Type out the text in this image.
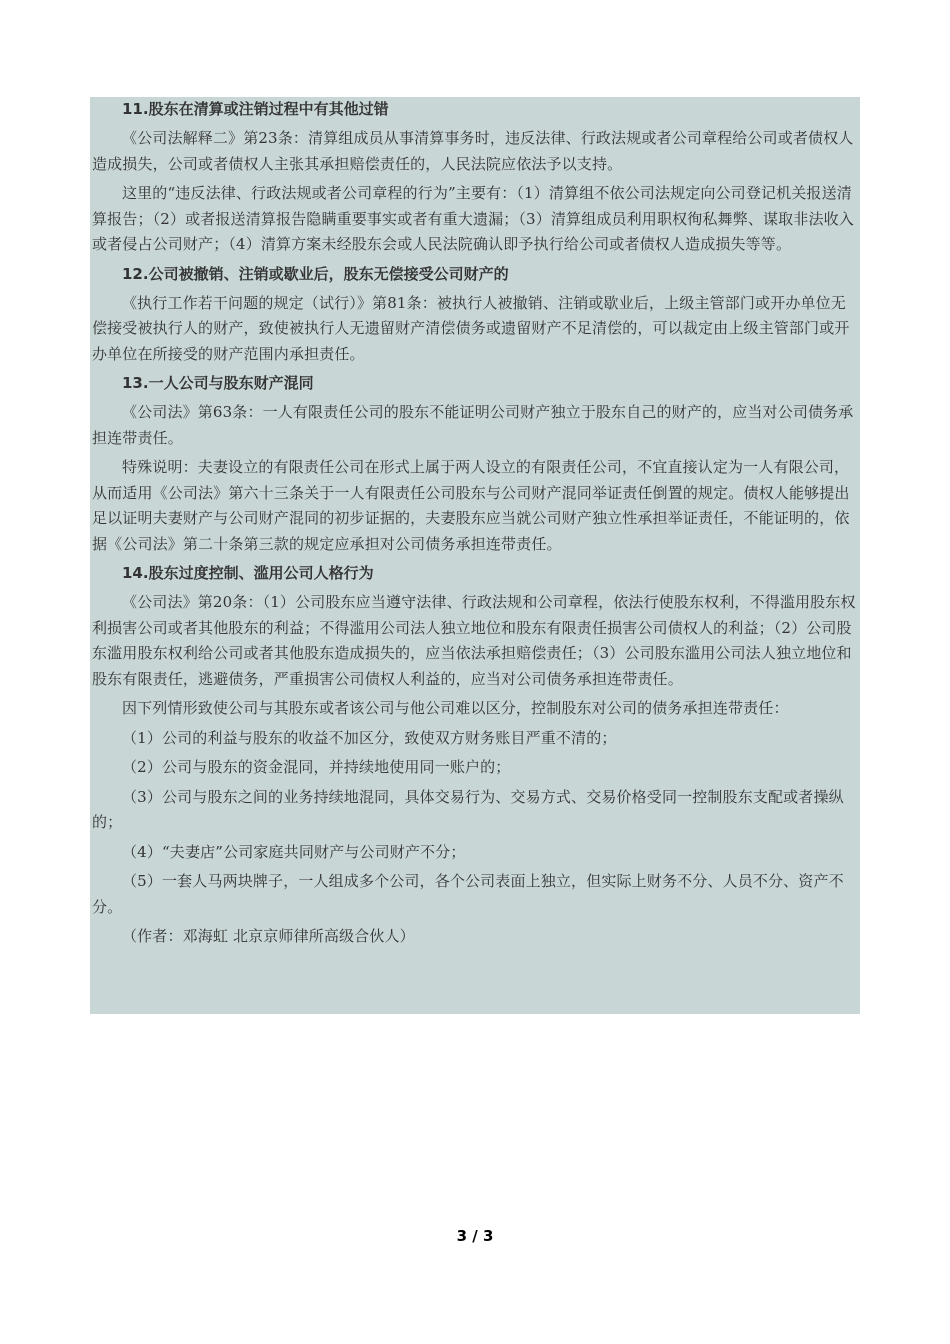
11.股东在清算或注销过程中有其他过错

《公司法解释二》第23条：清算组成员从事清算事务时，违反法律、行政法规或者公司章程给公司或者债权人造成损失，公司或者债权人主张其承担赔偿责任的，人民法院应依法予以支持。

这里的“违反法律、行政法规或者公司章程的行为”主要有：（1）清算组不依公司法规定向公司登记机关报送清算报告；（2）或者报送清算报告隐瞒重要事实或者有重大遗漏；（3）清算组成员利用职权徇私舞弊、谋取非法收入或者侵占公司财产；（4）清算方案未经股东会或人民法院确认即予执行给公司或者债权人造成损失等等。

12.公司被撤销、注销或歇业后，股东无偿接受公司财产的

《执行工作若干问题的规定（试行）》第81条：被执行人被撤销、注销或歇业后，上级主管部门或开办单位无偿接受被执行人的财产，致使被执行人无遗留财产清偿债务或遗留财产不足清偿的，可以裁定由上级主管部门或开办单位在所接受的财产范围内承担责任。

13.一人公司与股东财产混同

《公司法》第63条：一人有限责任公司的股东不能证明公司财产独立于股东自己的财产的，应当对公司债务承担连带责任。

特殊说明：夫妻设立的有限责任公司在形式上属于两人设立的有限责任公司，不宜直接认定为一人有限公司，从而适用《公司法》第六十三条关于一人有限责任公司股东与公司财产混同举证责任倒置的规定。债权人能够提出足以证明夫妻财产与公司财产混同的初步证据的，夫妻股东应当就公司财产独立性承担举证责任，不能证明的，依据《公司法》第二十条第三款的规定应承担对公司债务承担连带责任。

14.股东过度控制、滥用公司人格行为

《公司法》第20条：（1）公司股东应当遵守法律、行政法规和公司章程，依法行使股东权利，不得滥用股东权利损害公司或者其他股东的利益；不得滥用公司法人独立地位和股东有限责任损害公司债权人的利益；（2）公司股东滥用股东权利给公司或者其他股东造成损失的，应当依法承担赔偿责任；（3）公司股东滥用公司法人独立地位和股东有限责任，逃避债务，严重损害公司债权人利益的，应当对公司债务承担连带责任。

因下列情形致使公司与其股东或者该公司与他公司难以区分，控制股东对公司的债务承担连带责任：

（1）公司的利益与股东的收益不加区分，致使双方财务账目严重不清的；

（2）公司与股东的资金混同，并持续地使用同一账户的；

（3）公司与股东之间的业务持续地混同，具体交易行为、交易方式、交易价格受同一控制股东支配或者操纵的；

（4）“夫妻店”公司家庭共同财产与公司财产不分；

（5）一套人马两块牌子，一人组成多个公司，各个公司表面上独立，但实际上财务不分、人员不分、资产不分。

（作者：邓海虹 北京京师律所高级合伙人）

3 / 3
